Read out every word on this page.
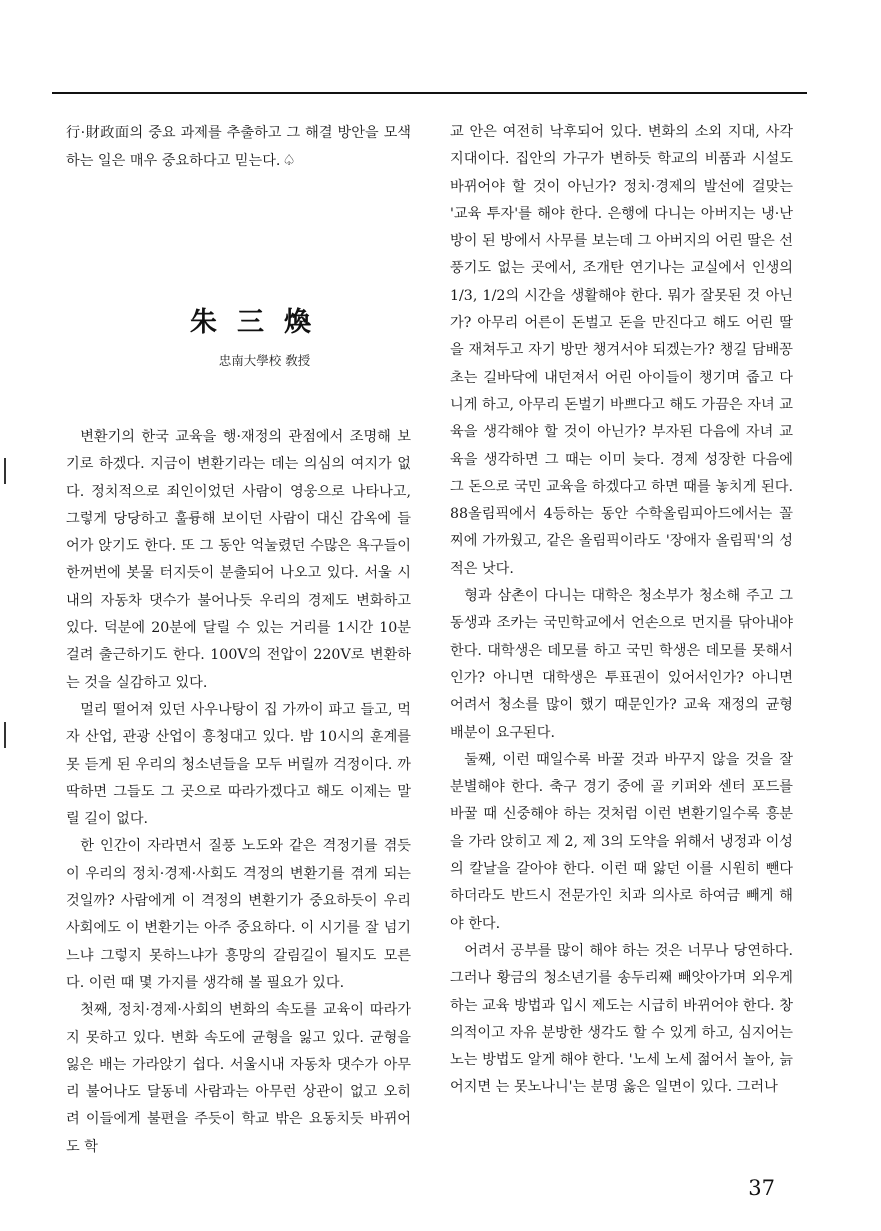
行·財政面의 중요 과제를 추출하고 그 해결 방안을 모색하는 일은 매우 중요하다고 믿는다. ♤

朱三煥
忠南大學校 敎授

변환기의 한국 교육을 행·재정의 관점에서 조명해 보기로 하겠다. 지금이 변환기라는 데는 의심의 여지가 없다. 정치적으로 죄인이었던 사람이 영웅으로 나타나고, 그렇게 당당하고 훌륭해 보이던 사람이 대신 감옥에 들어가 앉기도 한다. 또 그 동안 억눌렸던 수많은 욕구들이 한꺼번에 봇물 터지듯이 분출되어 나오고 있다. 서울 시내의 자동차 댓수가 불어나듯 우리의 경제도 변화하고 있다. 덕분에 20분에 달릴 수 있는 거리를 1시간 10분 걸려 출근하기도 한다. 100V의 전압이 220V로 변환하는 것을 실감하고 있다.

멀리 떨어져 있던 사우나탕이 집 가까이 파고 들고, 먹자 산업, 관광 산업이 흥청대고 있다. 밤 10시의 훈계를 못 듣게 된 우리의 청소년들을 모두 버릴까 걱정이다. 까딱하면 그들도 그 곳으로 따라가겠다고 해도 이제는 말릴 길이 없다.

한 인간이 자라면서 질풍 노도와 같은 격정기를 겪듯이 우리의 정치·경제·사회도 격정의 변환기를 겪게 되는 것일까? 사람에게 이 격정의 변환기가 중요하듯이 우리 사회에도 이 변환기는 아주 중요하다. 이 시기를 잘 넘기느냐 그렇지 못하느냐가 흥망의 갈림길이 될지도 모른다. 이런 때 몇 가지를 생각해 볼 필요가 있다.

첫째, 정치·경제·사회의 변화의 속도를 교육이 따라가지 못하고 있다. 변화 속도에 균형을 잃고 있다. 균형을 잃은 배는 가라앉기 쉽다. 서울시내 자동차 댓수가 아무리 불어나도 달동네 사람과는 아무런 상관이 없고 오히려 이들에게 불편을 주듯이 학교 밖은 요동치듯 바뀌어도 학

교 안은 여전히 낙후되어 있다. 변화의 소외 지대, 사각 지대이다. 집안의 가구가 변하듯 학교의 비품과 시설도 바뀌어야 할 것이 아닌가? 정치·경제의 발선에 걸맞는 '교육 투자'를 해야 한다. 은행에 다니는 아버지는 냉·난방이 된 방에서 사무를 보는데 그 아버지의 어린 딸은 선풍기도 없는 곳에서, 조개탄 연기나는 교실에서 인생의 1/3, 1/2의 시간을 생활해야 한다. 뭐가 잘못된 것 아닌가? 아무리 어른이 돈벌고 돈을 만진다고 해도 어린 딸을 재쳐두고 자기 방만 챙겨서야 되겠는가? 챙길 담배꽁초는 길바닥에 내던져서 어린 아이들이 챙기며 줍고 다니게 하고, 아무리 돈벌기 바쁘다고 해도 가끔은 자녀 교육을 생각해야 할 것이 아닌가? 부자된 다음에 자녀 교육을 생각하면 그 때는 이미 늦다. 경제 성장한 다음에 그 돈으로 국민 교육을 하겠다고 하면 때를 놓치게 된다. 88올림픽에서 4등하는 동안 수학올림피아드에서는 꼴찌에 가까웠고, 같은 올림픽이라도 '장애자 올림픽'의 성적은 낫다.

형과 삼촌이 다니는 대학은 청소부가 청소해 주고 그 동생과 조카는 국민학교에서 언손으로 먼지를 닦아내야 한다. 대학생은 데모를 하고 국민 학생은 데모를 못해서인가? 아니면 대학생은 투표권이 있어서인가? 아니면 어려서 청소를 많이 했기 때문인가? 교육 재정의 균형 배분이 요구된다.

둘째, 이런 때일수록 바꿀 것과 바꾸지 않을 것을 잘 분별해야 한다. 축구 경기 중에 골 키퍼와 센터 포드를 바꿀 때 신중해야 하는 것처럼 이런 변환기일수록 흥분을 가라 앉히고 제 2, 제 3의 도약을 위해서 냉정과 이성의 칼날을 갈아야 한다. 이런 때 앓던 이를 시원히 뺀다 하더라도 반드시 전문가인 치과 의사로 하여금 빼게 해야 한다.

어려서 공부를 많이 해야 하는 것은 너무나 당연하다. 그러나 황금의 청소년기를 송두리째 빼앗아가며 외우게 하는 교육 방법과 입시 제도는 시급히 바뀌어야 한다. 창의적이고 자유 분방한 생각도 할 수 있게 하고, 심지어는 노는 방법도 알게 해야 한다. '노세 노세 젊어서 놀아, 늙어지면 는 못노나니'는 분명 옳은 일면이 있다. 그러나

37
